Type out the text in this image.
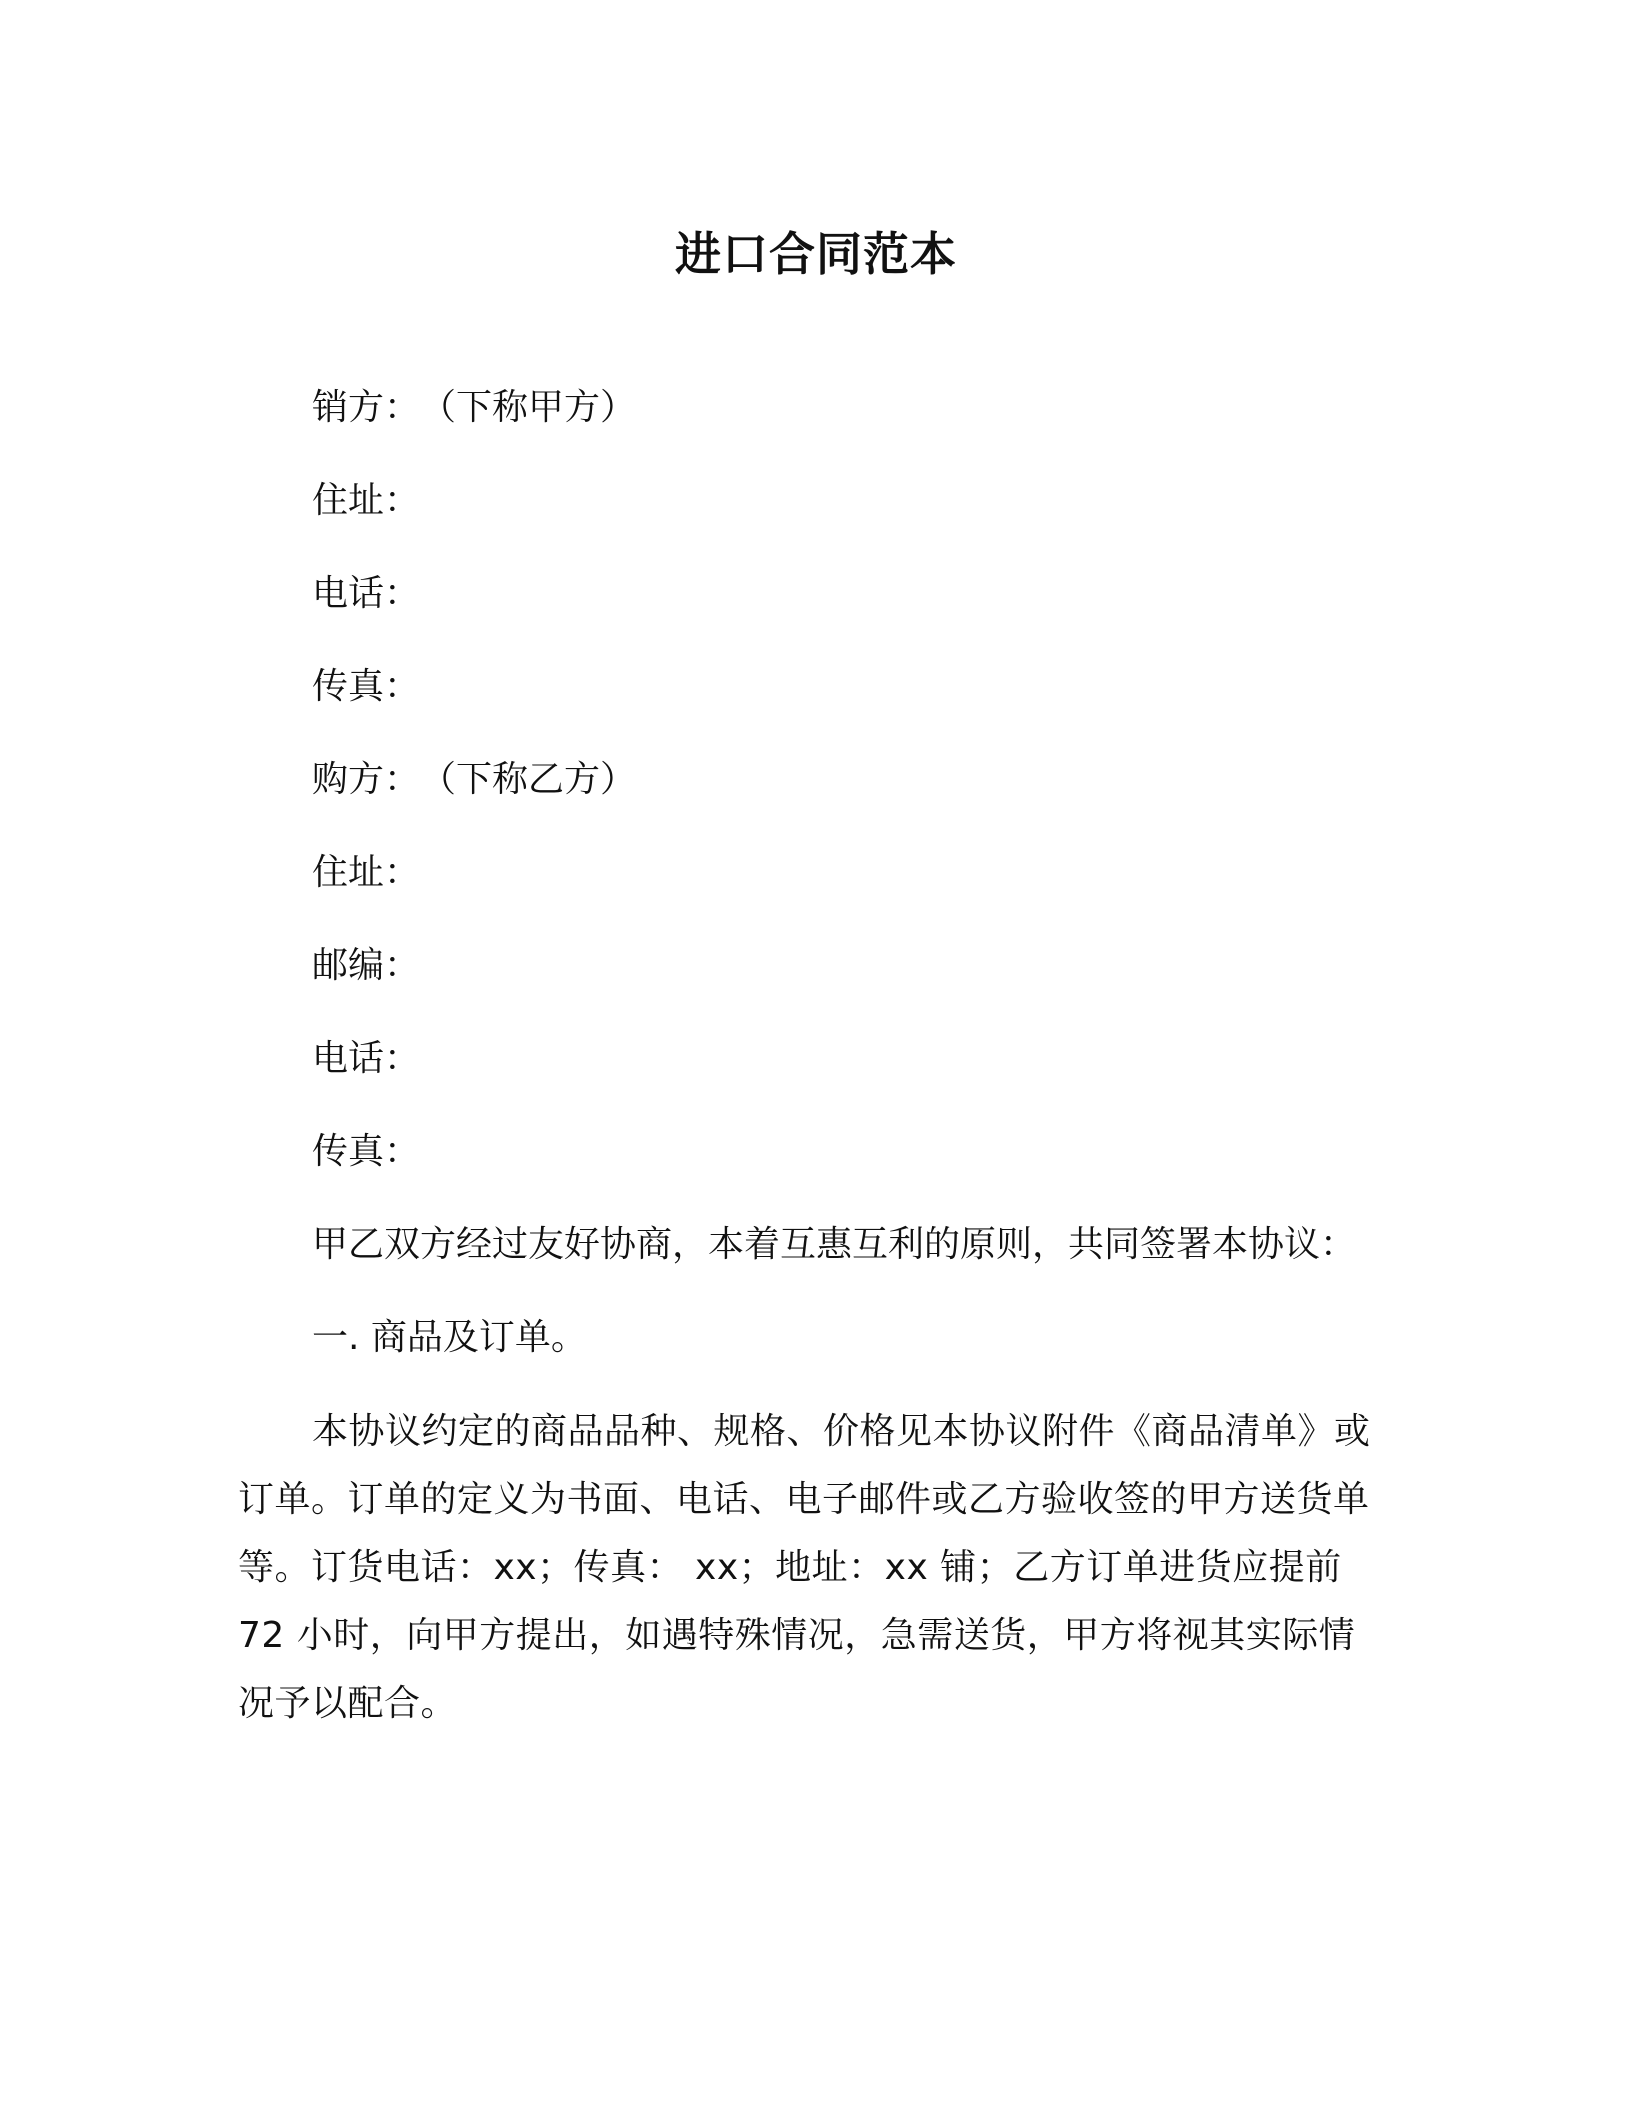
进口合同范本
销方： （下称甲方）
住址：
电话：
传真：
购方： （下称乙方）
住址：
邮编：
电话：
传真：
甲乙双方经过友好协商，本着互惠互利的原则，共同签署本协议：
一. 商品及订单。
本协议约定的商品品种、规格、价格见本协议附件《商品清单》或订单。订单的定义为书面、电话、电子邮件或乙方验收签的甲方送货单等。订货电话：xx；传真： xx；地址：xx 铺；乙方订单进货应提前 72 小时，向甲方提出，如遇特殊情况，急需送货，甲方将视其实际情况予以配合。
